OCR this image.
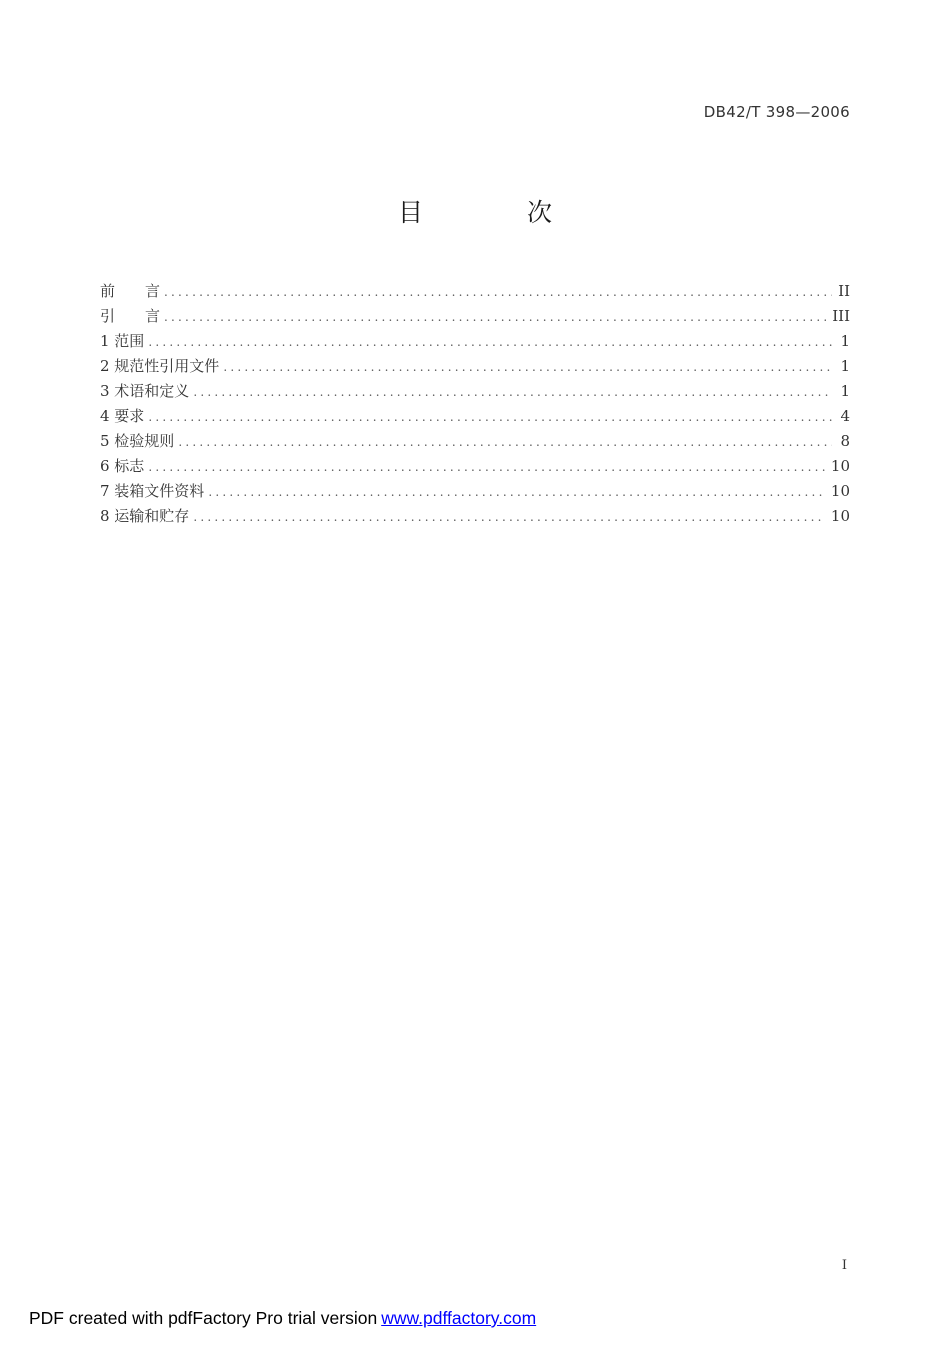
DB42/T 398—2006
目 次
前　　言 .....	II
引　　言 .....	III
1 范围 .....	1
2 规范性引用文件 .....	1
3 术语和定义 .....	1
4 要求 .....	4
5 检验规则 .....	8
6 标志 .....	10
7 装箱文件资料 .....	10
8 运输和贮存 .....	10
I
PDF created with pdfFactory Pro trial version www.pdffactory.com
